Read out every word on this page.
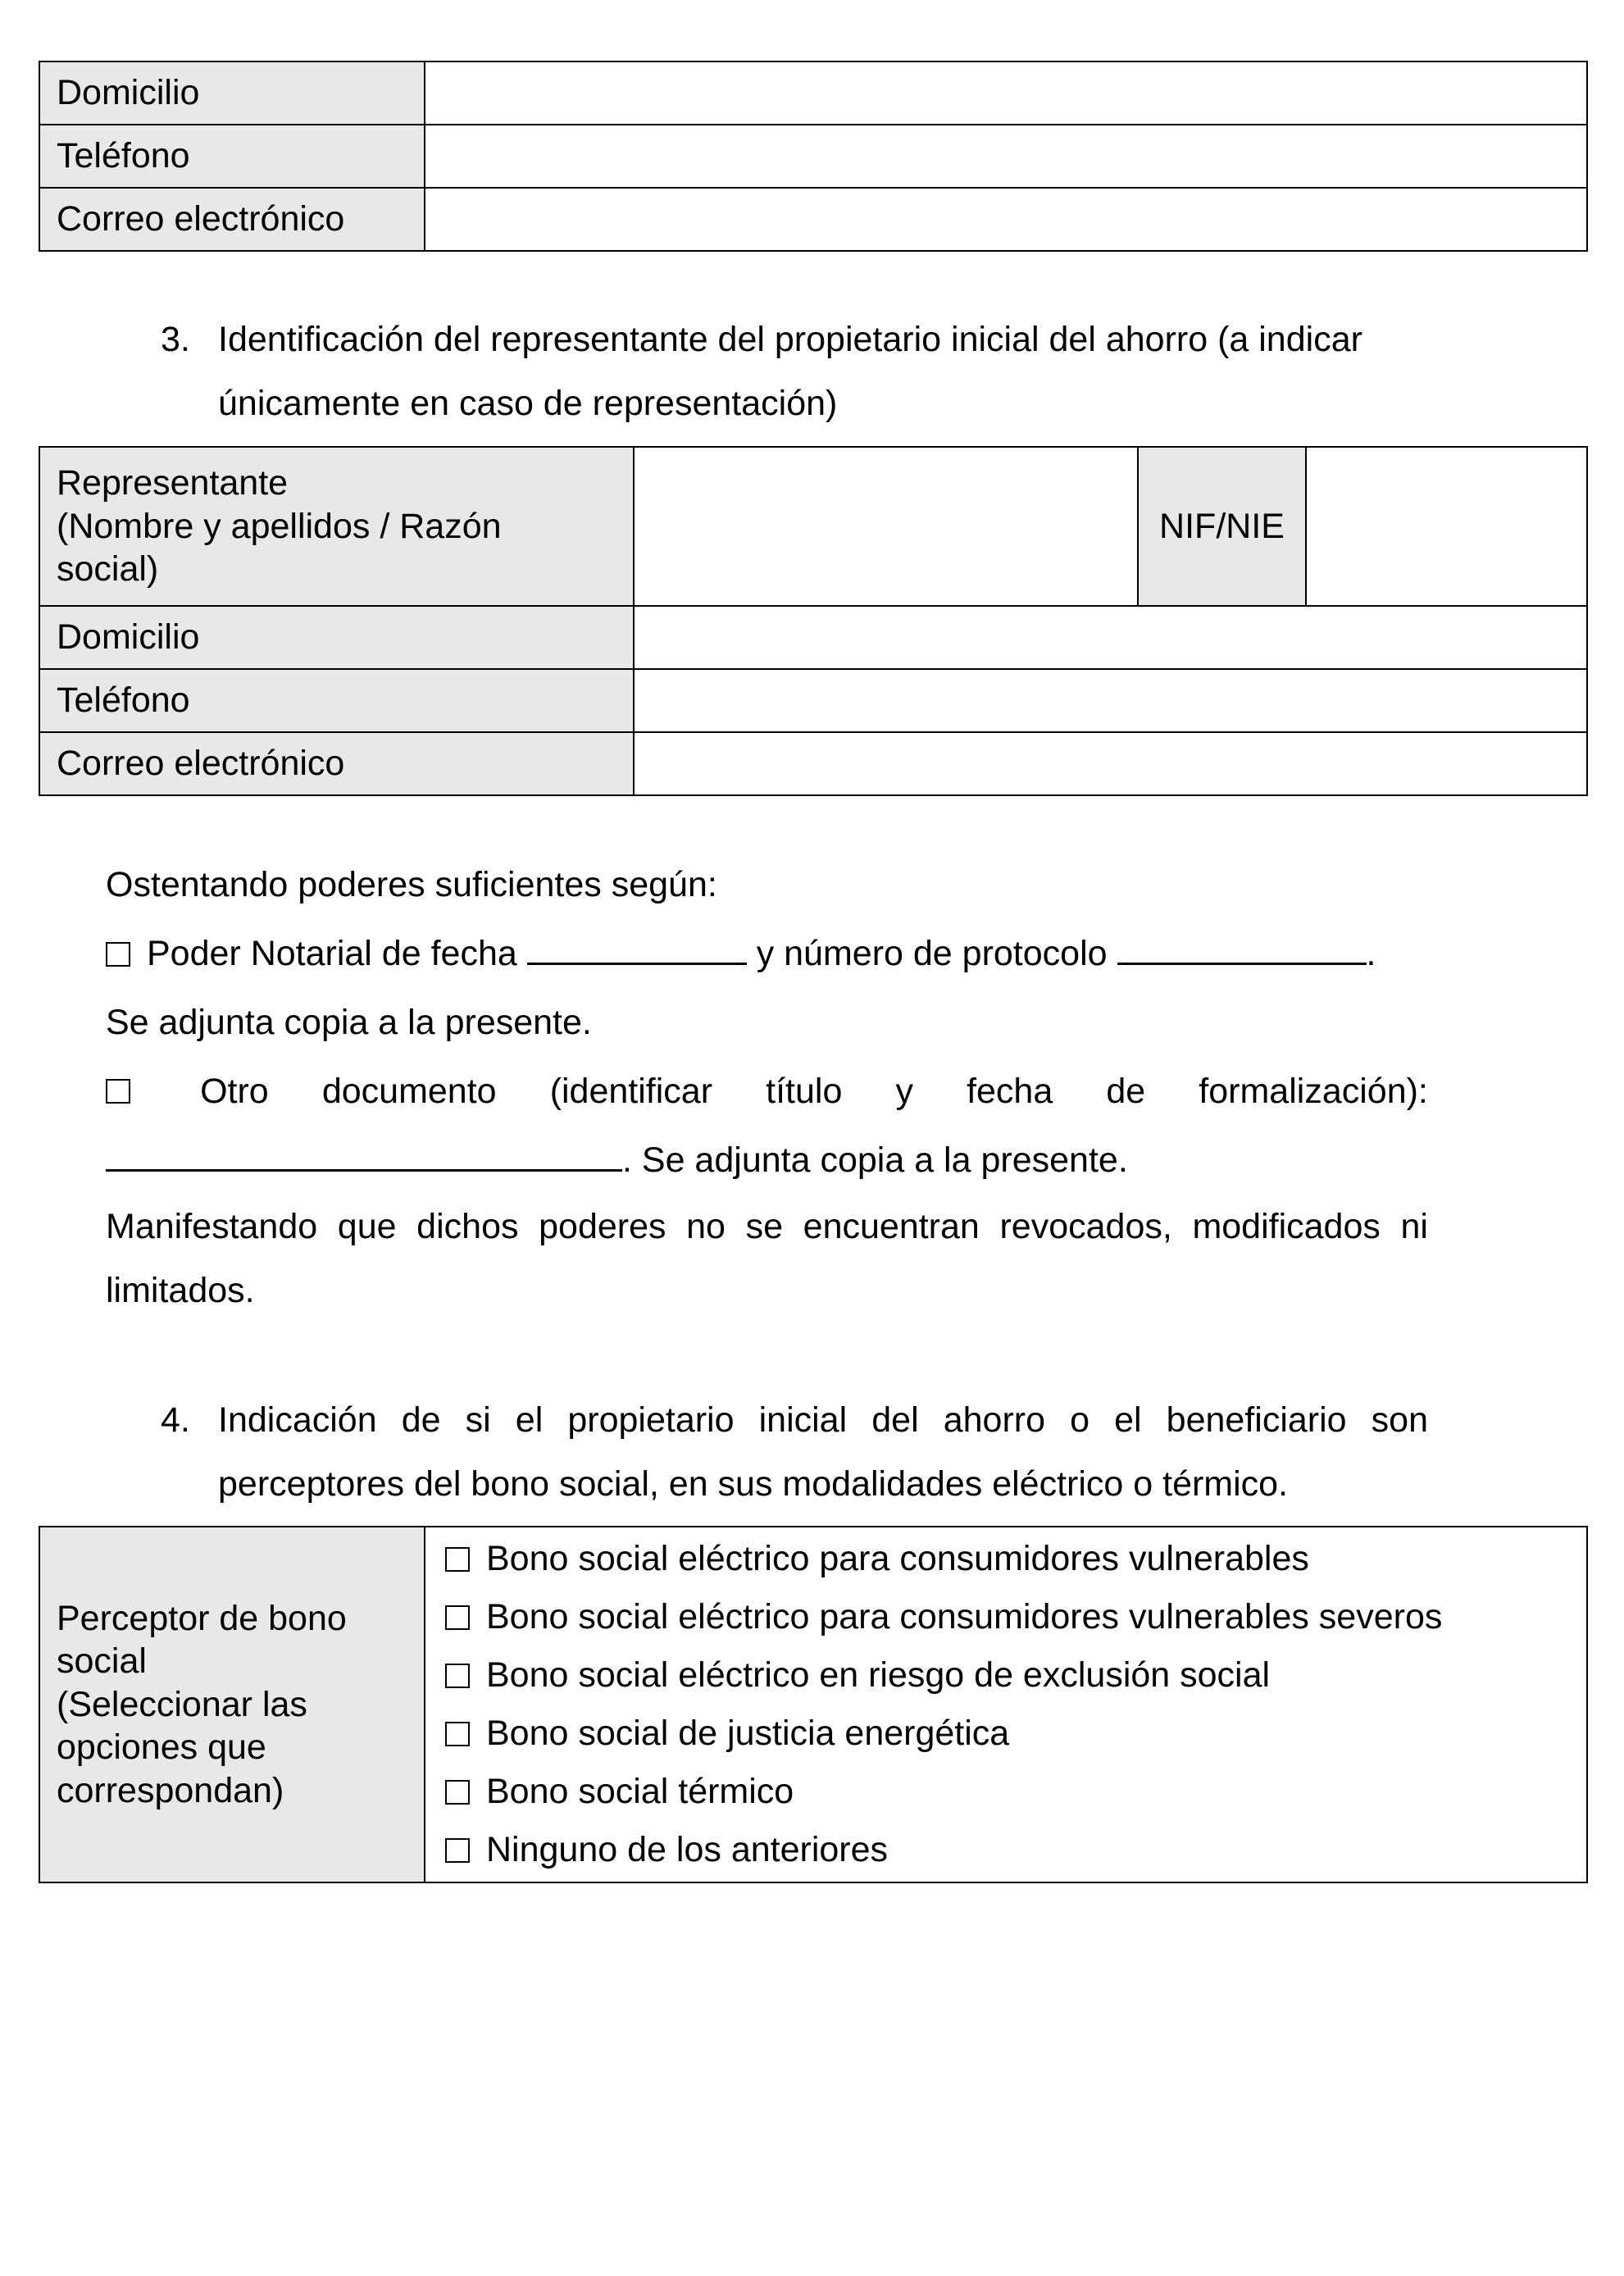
Domicilio	
Teléfono	
Correo electrónico	
3. Identificación del representante del propietario inicial del ahorro (a indicar únicamente en caso de representación)
Representante
(Nombre y apellidos / Razón social)		NIF/NIE	
Domicilio			
Teléfono			
Correo electrónico			
Ostentando poderes suficientes según:
Poder Notarial de fecha	y número de protocolo	.
Se adjunta copia a la presente.
Otro documento (identificar título y fecha de formalización):
. Se adjunta copia a la presente.
Manifestando que dichos poderes no se encuentran revocados, modificados ni limitados.
4. Indicación de si el propietario inicial del ahorro o el beneficiario son perceptores del bono social, en sus modalidades eléctrico o térmico.
Perceptor de bono social
(Seleccionar las opciones que correspondan)

Bono social eléctrico para consumidores vulnerables
Bono social eléctrico para consumidores vulnerables severos
Bono social eléctrico en riesgo de exclusión social
Bono social de justicia energética
Bono social térmico
Ninguno de los anteriores
